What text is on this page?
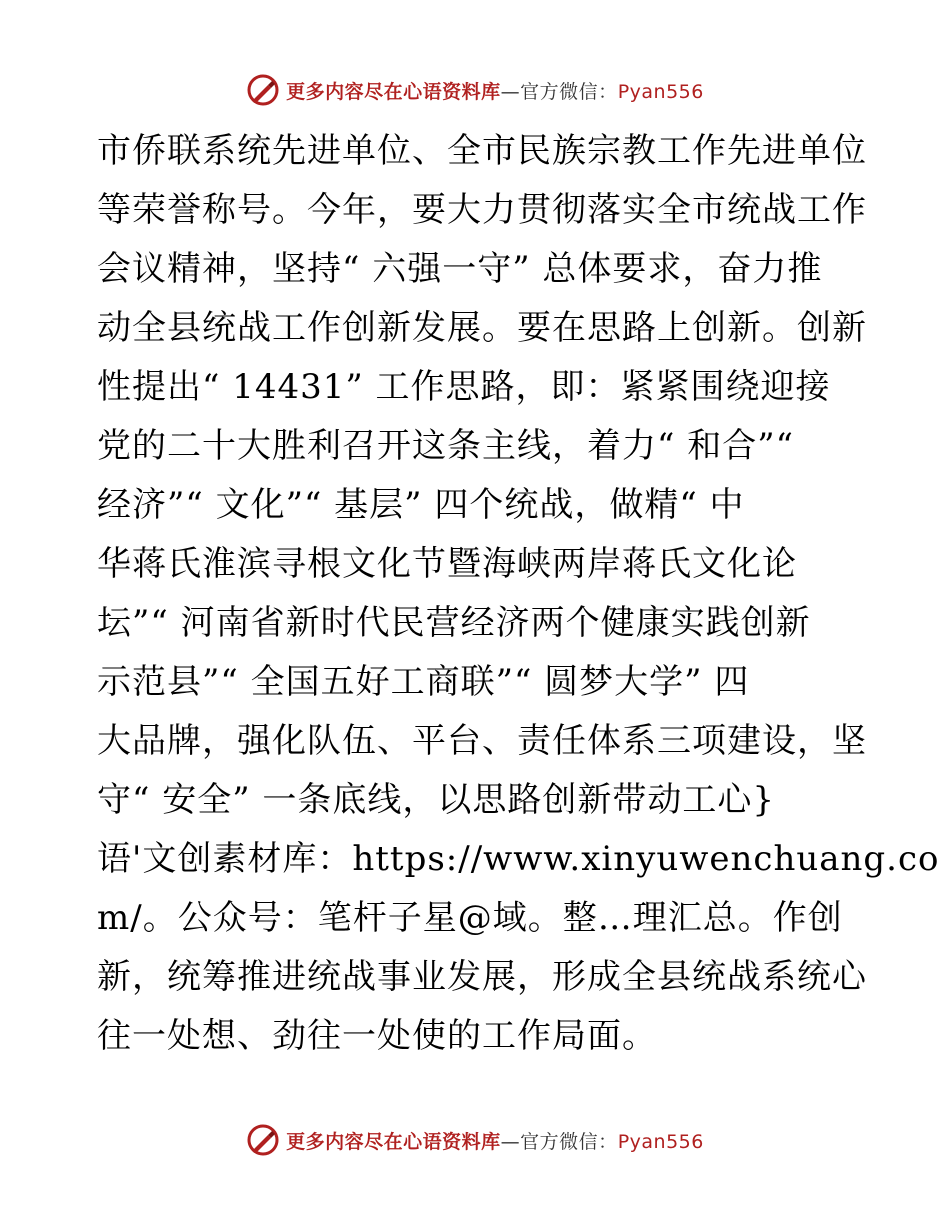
更多内容尽在心语资料库—官方微信：Pyan556
市侨联系统先进单位、全市民族宗教工作先进单位
等荣誉称号。今年，要大力贯彻落实全市统战工作
会议精神，坚持“ 六强一守” 总体要求，奋力推
动全县统战工作创新发展。要在思路上创新。创新
性提出“ 14431” 工作思路，即：紧紧围绕迎接
党的二十大胜利召开这条主线，着力“ 和合”“
经济”“ 文化”“ 基层” 四个统战，做精“ 中
华蒋氏淮滨寻根文化节暨海峡两岸蒋氏文化论
坛”“ 河南省新时代民营经济两个健康实践创新
示范县”“ 全国五好工商联”“ 圆梦大学” 四
大品牌，强化队伍、平台、责任体系三项建设，坚
守“ 安全” 一条底线，以思路创新带动工心}
语'文创素材库：https://www.xinyuwenchuang.co
m/。公众号：笔杆子星@域。整…理汇总。作创
新，统筹推进统战事业发展，形成全县统战系统心
往一处想、劲往一处使的工作局面。
更多内容尽在心语资料库—官方微信：Pyan556
